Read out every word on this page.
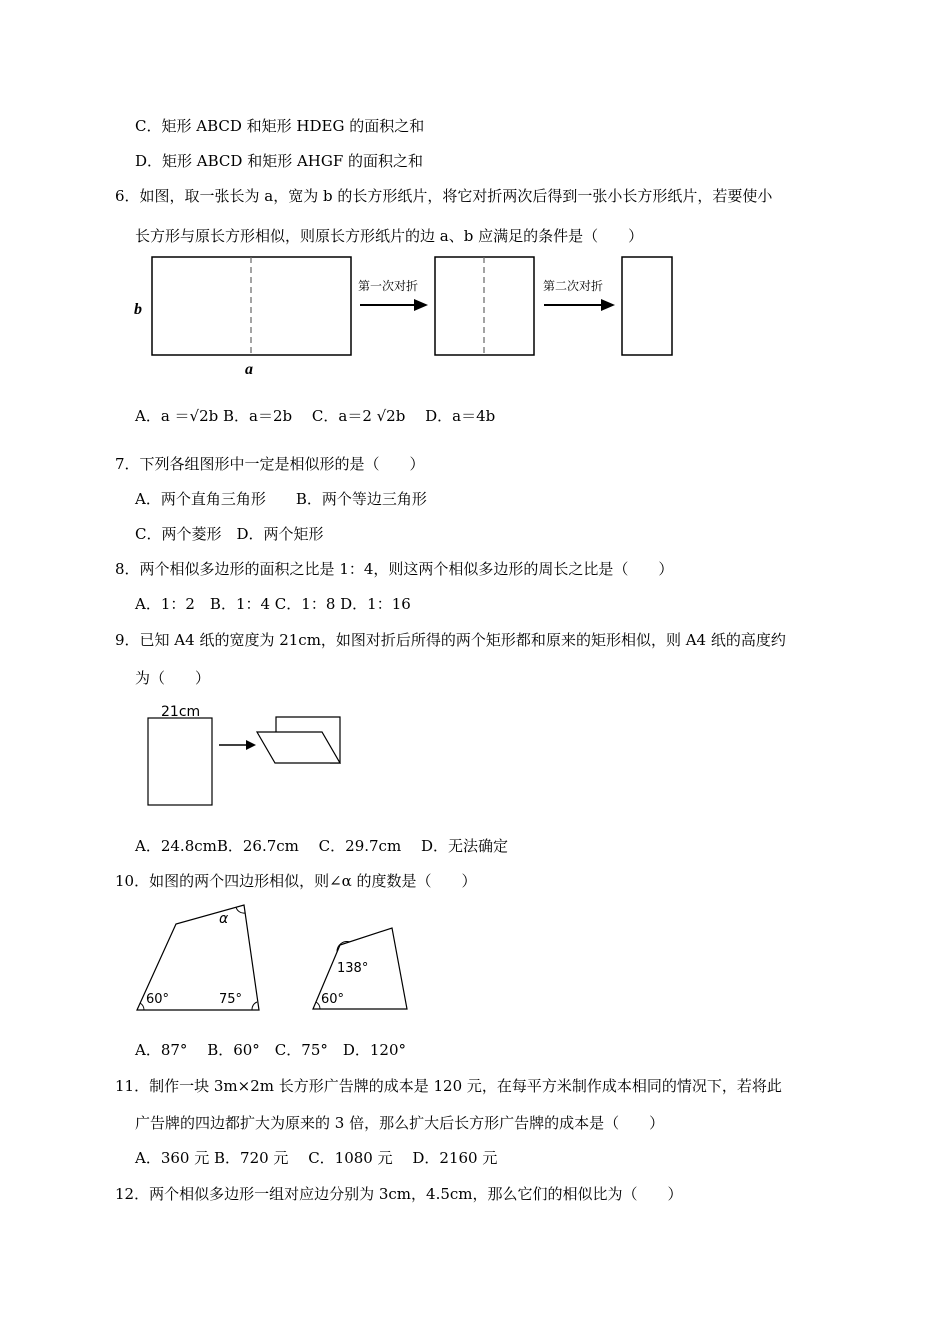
C．矩形 ABCD 和矩形 HDEG 的面积之和
D．矩形 ABCD 和矩形 AHGF 的面积之和
6．如图，取一张长为 a，宽为 b 的长方形纸片，将它对折两次后得到一张小长方形纸片，若要使小
长方形与原长方形相似，则原长方形纸片的边 a、b 应满足的条件是（　　）
b
a
第一次对折	第二次对折
A．a ＝√2b B．a＝2b　 C．a＝2 √2b　 D．a＝4b
7．下列各组图形中一定是相似形的是（　　）
A．两个直角三角形　　B．两个等边三角形
C．两个菱形　D．两个矩形
8．两个相似多边形的面积之比是 1：4，则这两个相似多边形的周长之比是（　　）
A．1：2　B．1：4 C．1：8 D．1：16
9．已知 A4 纸的宽度为 21cm，如图对折后所得的两个矩形都和原来的矩形相似，则 A4 纸的高度约
为（　　）
21cm
A．24.8cmB．26.7cm　 C．29.7cm　 D．无法确定
10．如图的两个四边形相似，则∠α 的度数是（　　）
α
60°	75°
138°
60°
A．87°　 B．60°　C．75°　D．120°
11．制作一块 3m×2m 长方形广告牌的成本是 120 元，在每平方米制作成本相同的情况下，若将此
广告牌的四边都扩大为原来的 3 倍，那么扩大后长方形广告牌的成本是（　　）
A．360 元 B．720 元　 C．1080 元　 D．2160 元
12．两个相似多边形一组对应边分别为 3cm，4.5cm，那么它们的相似比为（　　）
